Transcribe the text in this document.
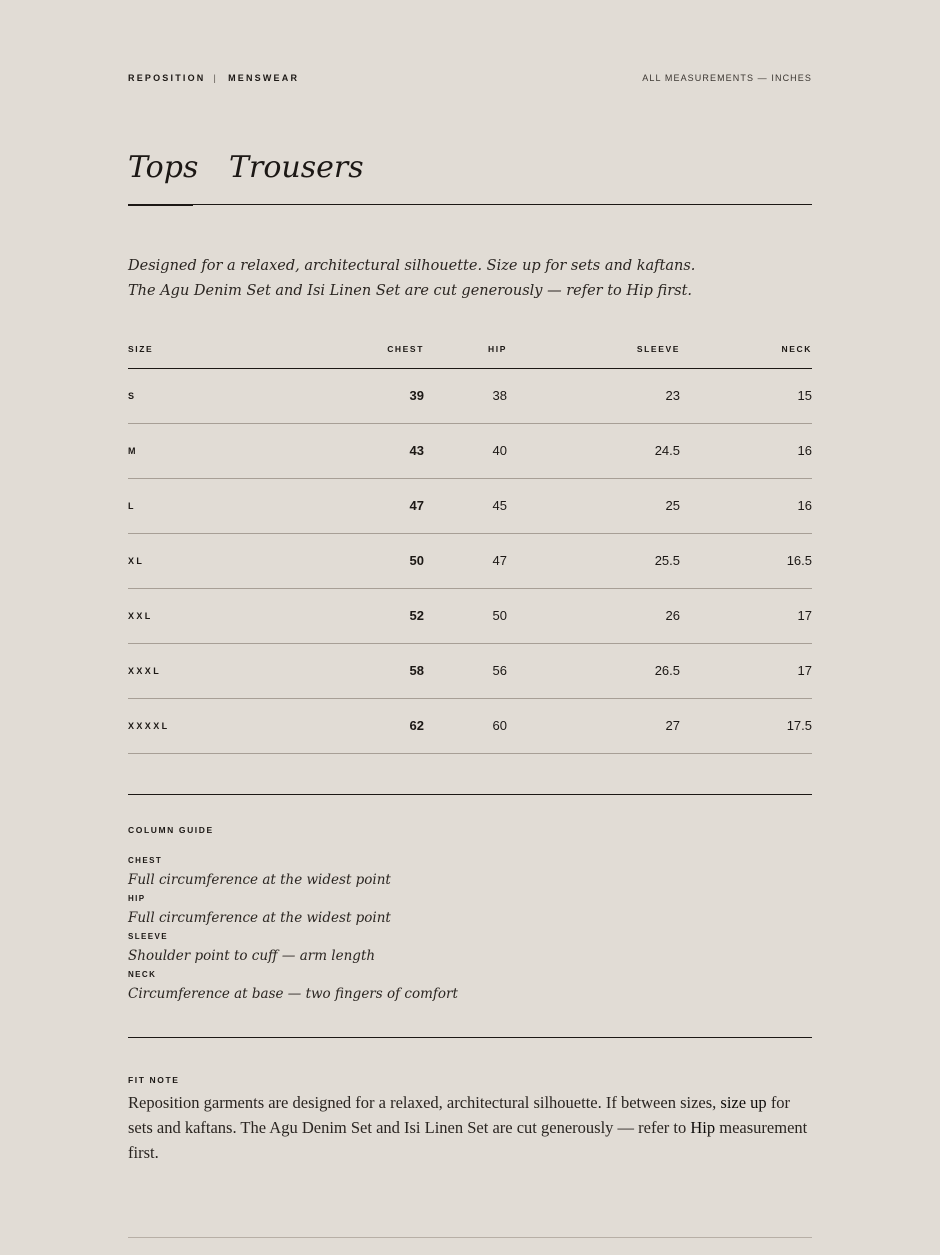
REPOSITION | MENSWEAR	ALL MEASUREMENTS — INCHES
Tops Trousers
Designed for a relaxed, architectural silhouette. Size up for sets and kaftans.
The Agu Denim Set and Isi Linen Set are cut generously — refer to Hip first.
SIZE	CHEST	HIP	SLEEVE	NECK
S	39	38	23	15
M	43	40	24.5	16
L	47	45	25	16
XL	50	47	25.5	16.5
XXL	52	50	26	17
XXXL	58	56	26.5	17
XXXXL	62	60	27	17.5
COLUMN GUIDE
CHEST
Full circumference at the widest point
HIP
Full circumference at the widest point
SLEEVE
Shoulder point to cuff — arm length
NECK
Circumference at base — two fingers of comfort
FIT NOTE
Reposition garments are designed for a relaxed, architectural silhouette. If between sizes, size up for sets and kaftans. The Agu Denim Set and Isi Linen Set are cut generously — refer to Hip measurement first.
